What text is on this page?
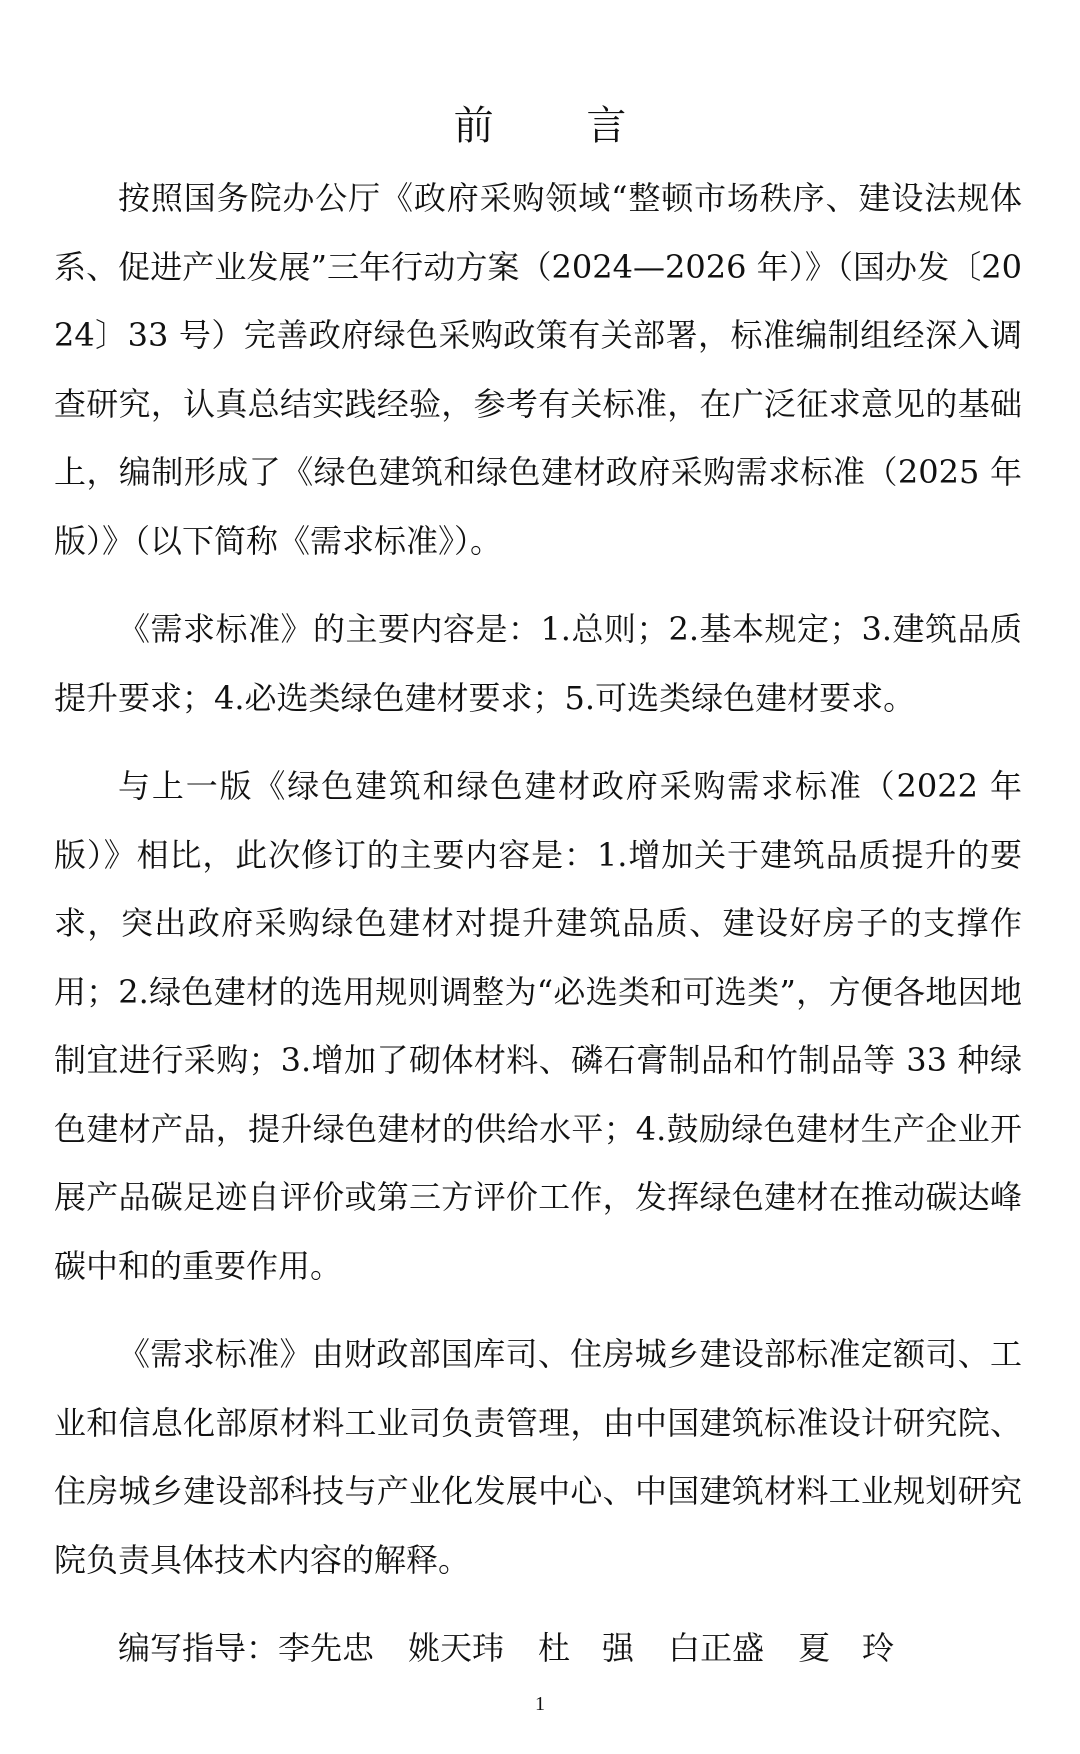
前 言

按照国务院办公厅《政府采购领域“整顿市场秩序、建设法规体系、促进产业发展”三年行动方案（2024—2026 年）》（国办发〔2024〕33 号）完善政府绿色采购政策有关部署，标准编制组经深入调查研究，认真总结实践经验，参考有关标准，在广泛征求意见的基础上，编制形成了《绿色建筑和绿色建材政府采购需求标准（2025 年版）》（以下简称《需求标准》）。

《需求标准》的主要内容是：1.总则；2.基本规定；3.建筑品质提升要求；4.必选类绿色建材要求；5.可选类绿色建材要求。

与上一版《绿色建筑和绿色建材政府采购需求标准（2022 年版）》相比，此次修订的主要内容是：1.增加关于建筑品质提升的要求，突出政府采购绿色建材对提升建筑品质、建设好房子的支撑作用；2.绿色建材的选用规则调整为“必选类和可选类”，方便各地因地制宜进行采购；3.增加了砌体材料、磷石膏制品和竹制品等 33 种绿色建材产品，提升绿色建材的供给水平；4.鼓励绿色建材生产企业开展产品碳足迹自评价或第三方评价工作，发挥绿色建材在推动碳达峰碳中和的重要作用。

《需求标准》由财政部国库司、住房城乡建设部标准定额司、工业和信息化部原材料工业司负责管理，由中国建筑标准设计研究院、住房城乡建设部科技与产业化发展中心、中国建筑材料工业规划研究院负责具体技术内容的解释。

编写指导：李先忠 姚天玮 杜　强 白正盛 夏　玲

1
